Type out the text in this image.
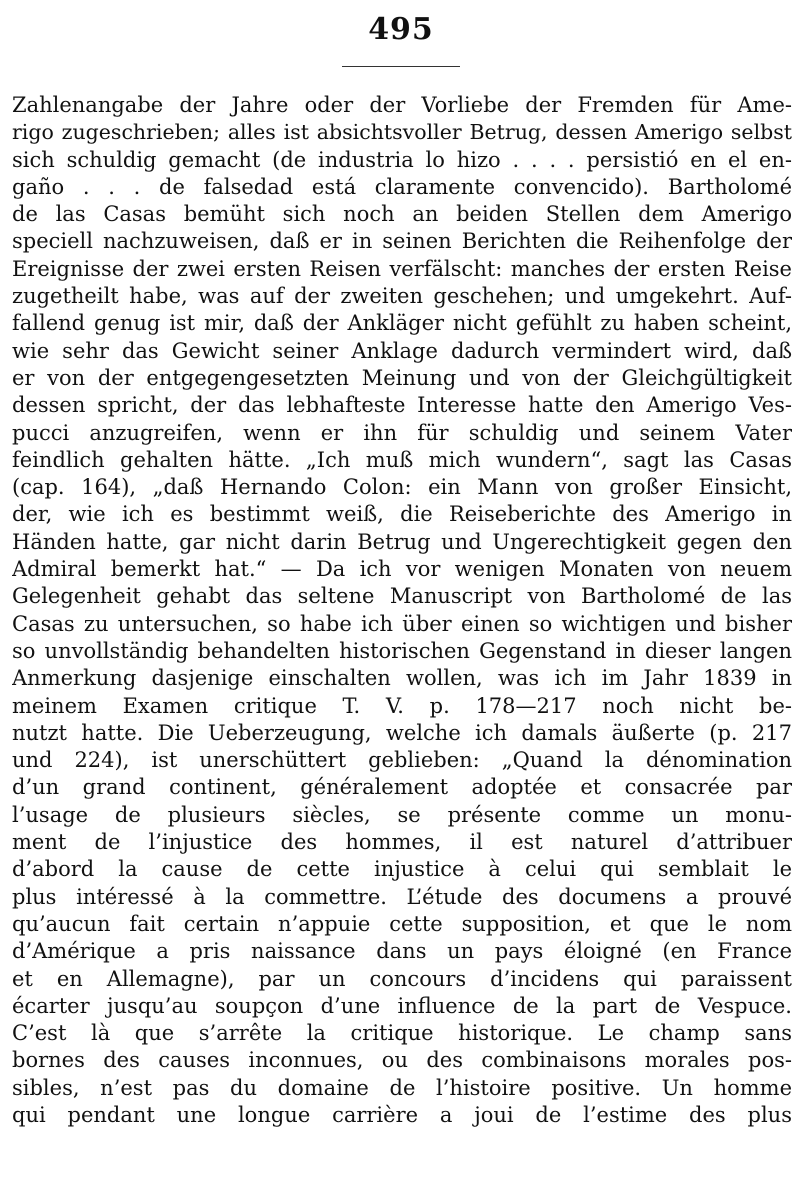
495
Zahlenangabe der Jahre oder der Vorliebe der Fremden für Ame-
rigo zugeschrieben; alles ist absichtsvoller Betrug, dessen Amerigo selbst
sich schuldig gemacht (de industria lo hizo . . . . persistió en el en-
gaño . . . de falsedad está claramente convencido). Bartholomé
de las Casas bemüht sich noch an beiden Stellen dem Amerigo
speciell nachzuweisen, daß er in seinen Berichten die Reihenfolge der
Ereignisse der zwei ersten Reisen verfälscht: manches der ersten Reise
zugetheilt habe, was auf der zweiten geschehen; und umgekehrt. Auf-
fallend genug ist mir, daß der Ankläger nicht gefühlt zu haben scheint,
wie sehr das Gewicht seiner Anklage dadurch vermindert wird, daß
er von der entgegengesetzten Meinung und von der Gleichgültigkeit
dessen spricht, der das lebhafteste Interesse hatte den Amerigo Ves-
pucci anzugreifen, wenn er ihn für schuldig und seinem Vater
feindlich gehalten hätte. „Ich muß mich wundern“, sagt las Casas
(cap. 164), „daß Hernando Colon: ein Mann von großer Einsicht,
der, wie ich es bestimmt weiß, die Reiseberichte des Amerigo in
Händen hatte, gar nicht darin Betrug und Ungerechtigkeit gegen den
Admiral bemerkt hat.“ — Da ich vor wenigen Monaten von neuem
Gelegenheit gehabt das seltene Manuscript von Bartholomé de las
Casas zu untersuchen, so habe ich über einen so wichtigen und bisher
so unvollständig behandelten historischen Gegenstand in dieser langen
Anmerkung dasjenige einschalten wollen, was ich im Jahr 1839 in
meinem Examen critique T. V. p. 178—217 noch nicht be-
nutzt hatte. Die Ueberzeugung, welche ich damals äußerte (p. 217
und 224), ist unerschüttert geblieben: „Quand la dénomination
d’un grand continent, généralement adoptée et consacrée par
l’usage de plusieurs siècles, se présente comme un monu-
ment de l’injustice des hommes, il est naturel d’attribuer
d’abord la cause de cette injustice à celui qui semblait le
plus intéressé à la commettre. L’étude des documens a prouvé
qu’aucun fait certain n’appuie cette supposition, et que le nom
d’Amérique a pris naissance dans un pays éloigné (en France
et en Allemagne), par un concours d’incidens qui paraissent
écarter jusqu’au soupçon d’une influence de la part de Vespuce.
C’est là que s’arrête la critique historique. Le champ sans
bornes des causes inconnues, ou des combinaisons morales pos-
sibles, n’est pas du domaine de l’histoire positive. Un homme
qui pendant une longue carrière a joui de l’estime des plus
